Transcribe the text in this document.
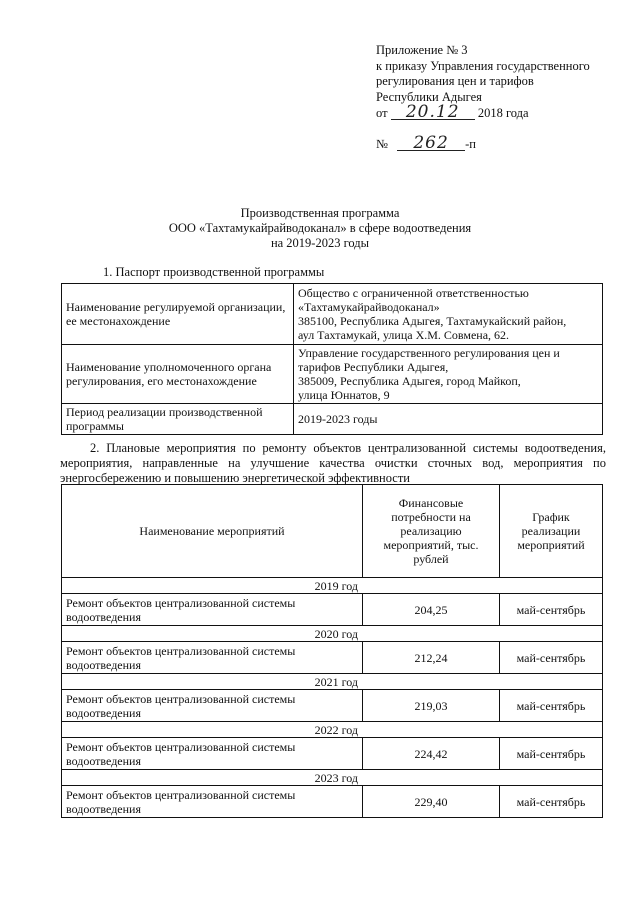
Приложение № 3
к приказу Управления государственного
регулирования цен и тарифов
Республики Адыгея
от 20.12 2018 года
№ 262 -п
Производственная программа
ООО «Тахтамукайрайводоканал» в сфере водоотведения
на 2019-2023 годы
1. Паспорт производственной программы
Наименование регулируемой организации, ее местонахождение	Общество с ограниченной ответственностью
«Тахтамукайрайводоканал»
385100, Республика Адыгея, Тахтамукайский район,
аул Тахтамукай, улица Х.М. Совмена, 62.

Наименование уполномоченного органа регулирования, его местонахождение	Управление государственного регулирования цен и
тарифов Республики Адыгея,
385009, Республика Адыгея, город Майкоп,
улица Юннатов, 9

Период реализации производственной программы	2019-2023 годы
2. Плановые мероприятия по ремонту объектов централизованной системы водоотведения, мероприятия, направленные на улучшение качества очистки сточных вод, мероприятия по энергосбережению и повышению энергетической эффективности
Наименование мероприятий	Финансовые потребности на реализацию мероприятий, тыс. рублей	График реализации мероприятий
2019 год		
Ремонт объектов централизованной системы водоотведения	204,25	май-сентябрь
2020 год		
Ремонт объектов централизованной системы водоотведения	212,24	май-сентябрь
2021 год		
Ремонт объектов централизованной системы водоотведения	219,03	май-сентябрь
2022 год		
Ремонт объектов централизованной системы водоотведения	224,42	май-сентябрь
2023 год		
Ремонт объектов централизованной системы водоотведения	229,40	май-сентябрь
